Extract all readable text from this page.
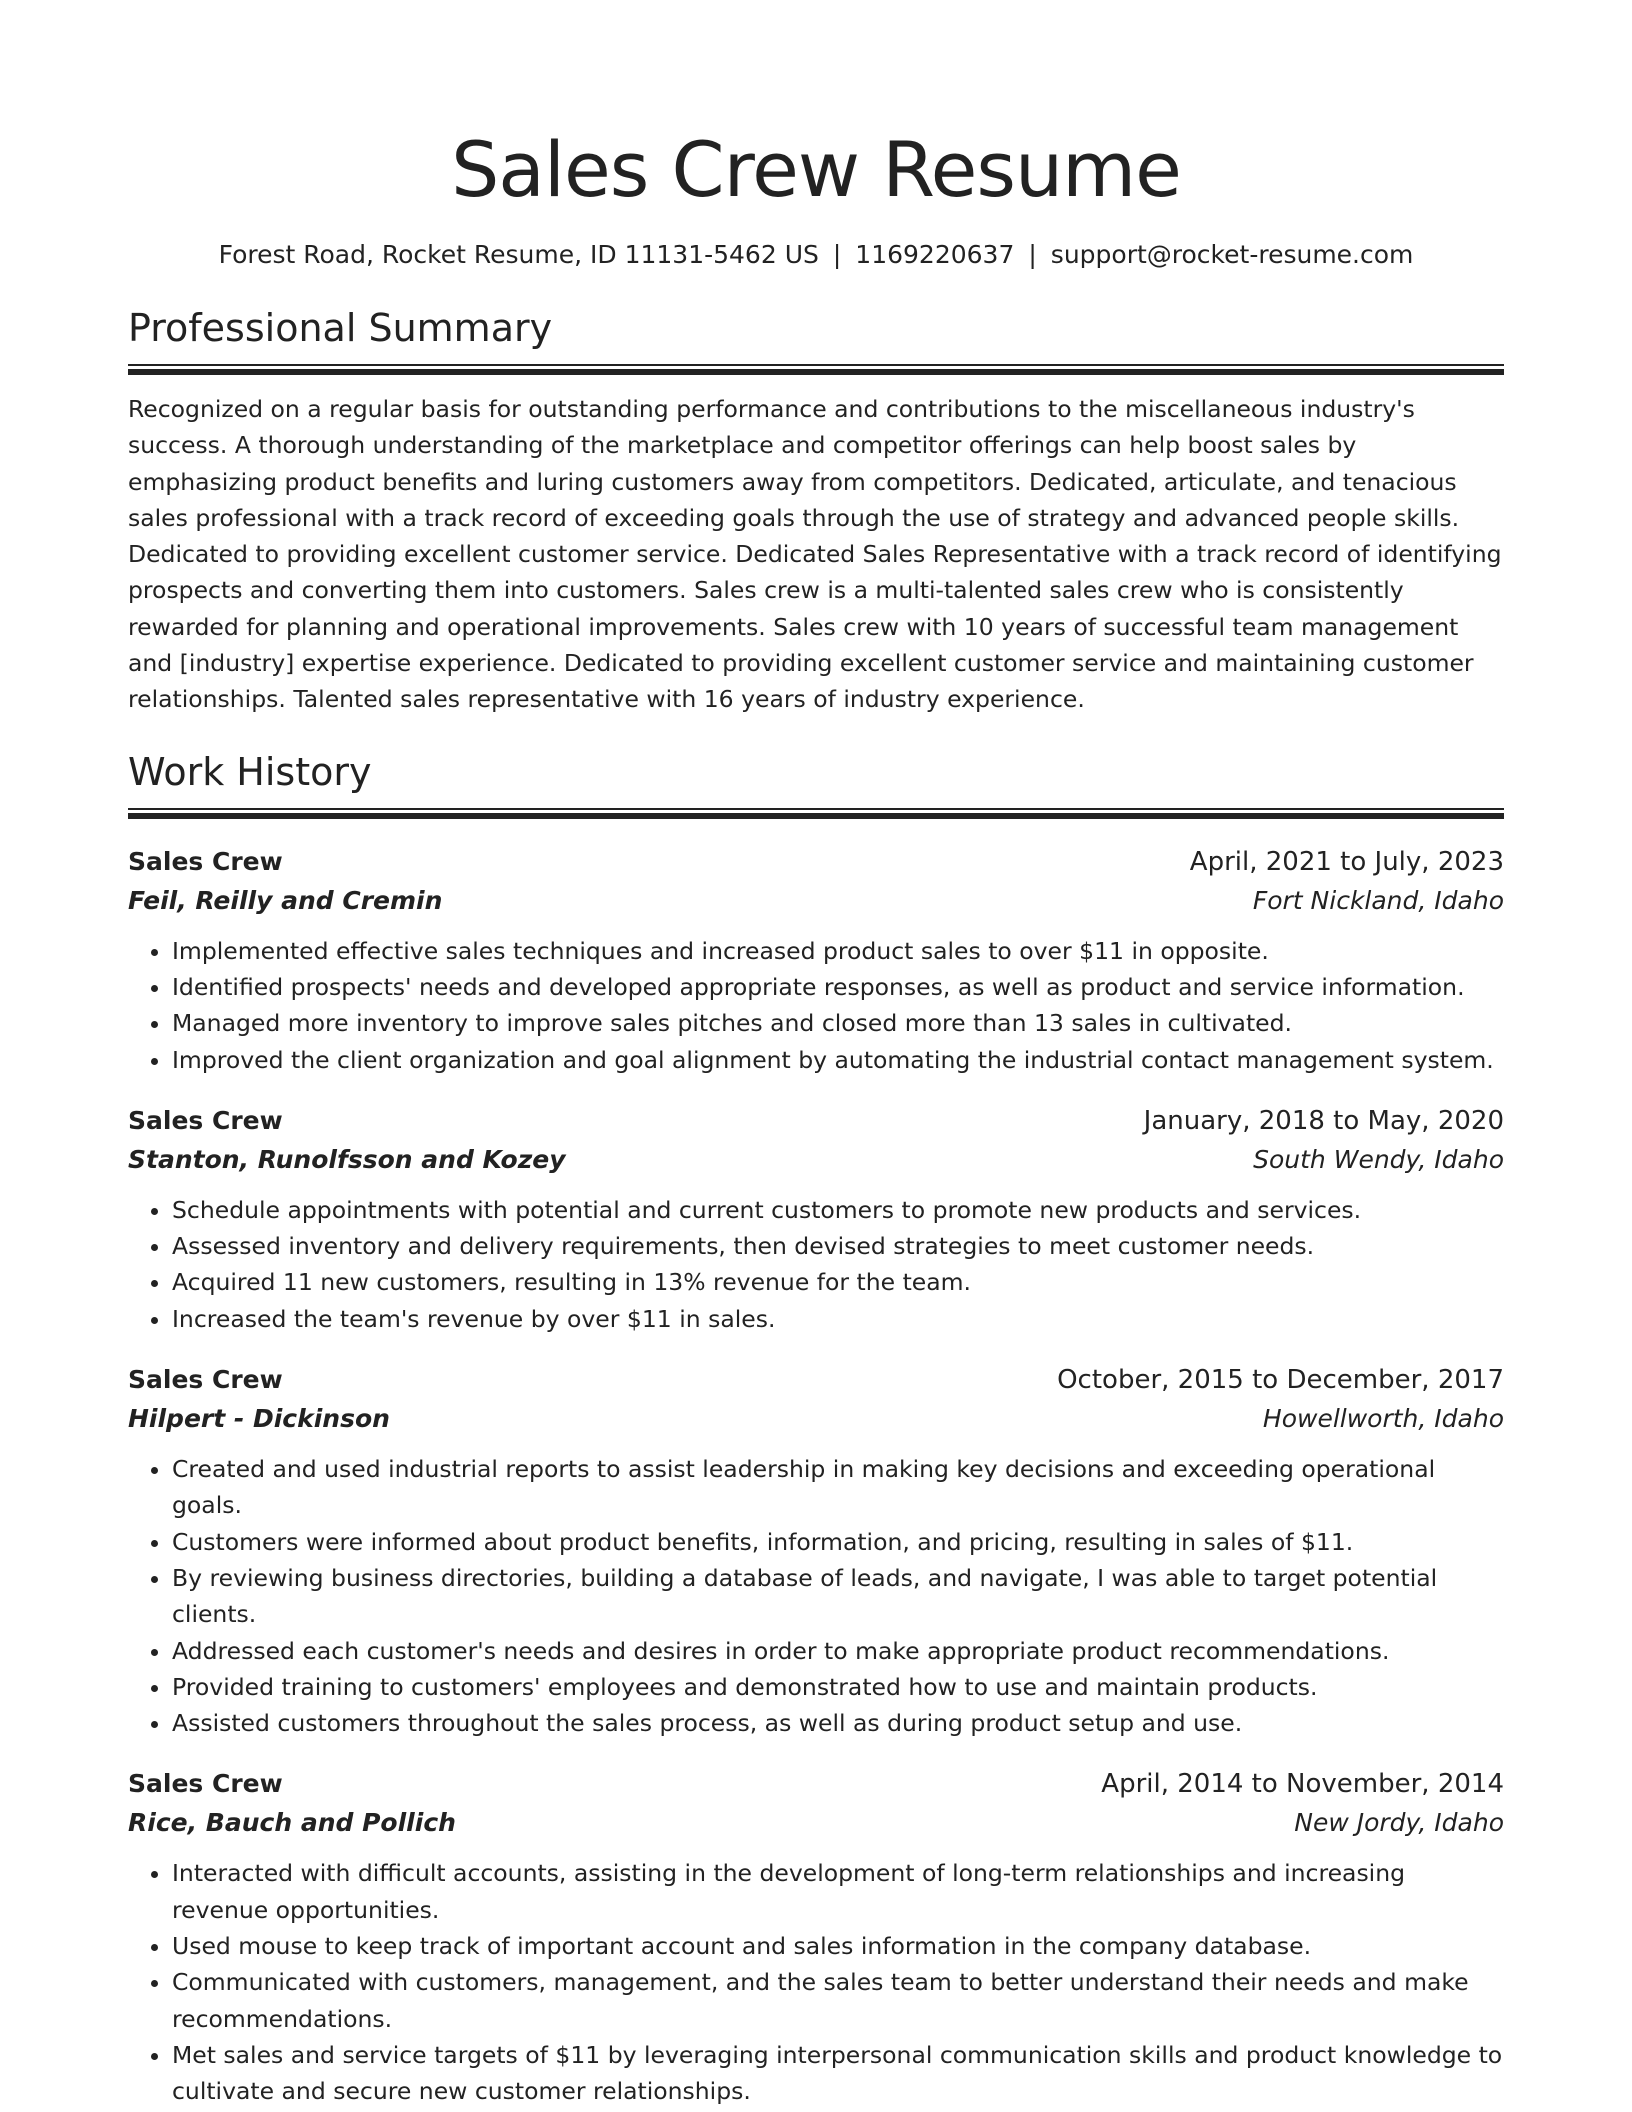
Sales Crew Resume
Forest Road, Rocket Resume, ID 11131-5462 US | 1169220637 | support@rocket-resume.com
Professional Summary

Recognized on a regular basis for outstanding performance and contributions to the miscellaneous industry's success. A thorough understanding of the marketplace and competitor offerings can help boost sales by emphasizing product benefits and luring customers away from competitors. Dedicated, articulate, and tenacious sales professional with a track record of exceeding goals through the use of strategy and advanced people skills. Dedicated to providing excellent customer service. Dedicated Sales Representative with a track record of identifying prospects and converting them into customers. Sales crew is a multi-talented sales crew who is consistently rewarded for planning and operational improvements. Sales crew with 10 years of successful team management and [industry] expertise experience. Dedicated to providing excellent customer service and maintaining customer relationships. Talented sales representative with 16 years of industry experience.

Work History
Sales Crew	April, 2021 to July, 2023
Feil, Reilly and Cremin	Fort Nickland, Idaho
• Implemented effective sales techniques and increased product sales to over $11 in opposite.
• Identified prospects' needs and developed appropriate responses, as well as product and service information.
• Managed more inventory to improve sales pitches and closed more than 13 sales in cultivated.
• Improved the client organization and goal alignment by automating the industrial contact management system.
Sales Crew	January, 2018 to May, 2020
Stanton, Runolfsson and Kozey	South Wendy, Idaho
• Schedule appointments with potential and current customers to promote new products and services.
• Assessed inventory and delivery requirements, then devised strategies to meet customer needs.
• Acquired 11 new customers, resulting in 13% revenue for the team.
• Increased the team's revenue by over $11 in sales.
Sales Crew	October, 2015 to December, 2017
Hilpert - Dickinson	Howellworth, Idaho
• Created and used industrial reports to assist leadership in making key decisions and exceeding operational goals.
• Customers were informed about product benefits, information, and pricing, resulting in sales of $11.
• By reviewing business directories, building a database of leads, and navigate, I was able to target potential clients.
• Addressed each customer's needs and desires in order to make appropriate product recommendations.
• Provided training to customers' employees and demonstrated how to use and maintain products.
• Assisted customers throughout the sales process, as well as during product setup and use.
Sales Crew	April, 2014 to November, 2014
Rice, Bauch and Pollich	New Jordy, Idaho
• Interacted with difficult accounts, assisting in the development of long-term relationships and increasing revenue opportunities.
• Used mouse to keep track of important account and sales information in the company database.
• Communicated with customers, management, and the sales team to better understand their needs and make recommendations.
• Met sales and service targets of $11 by leveraging interpersonal communication skills and product knowledge to cultivate and secure new customer relationships.
